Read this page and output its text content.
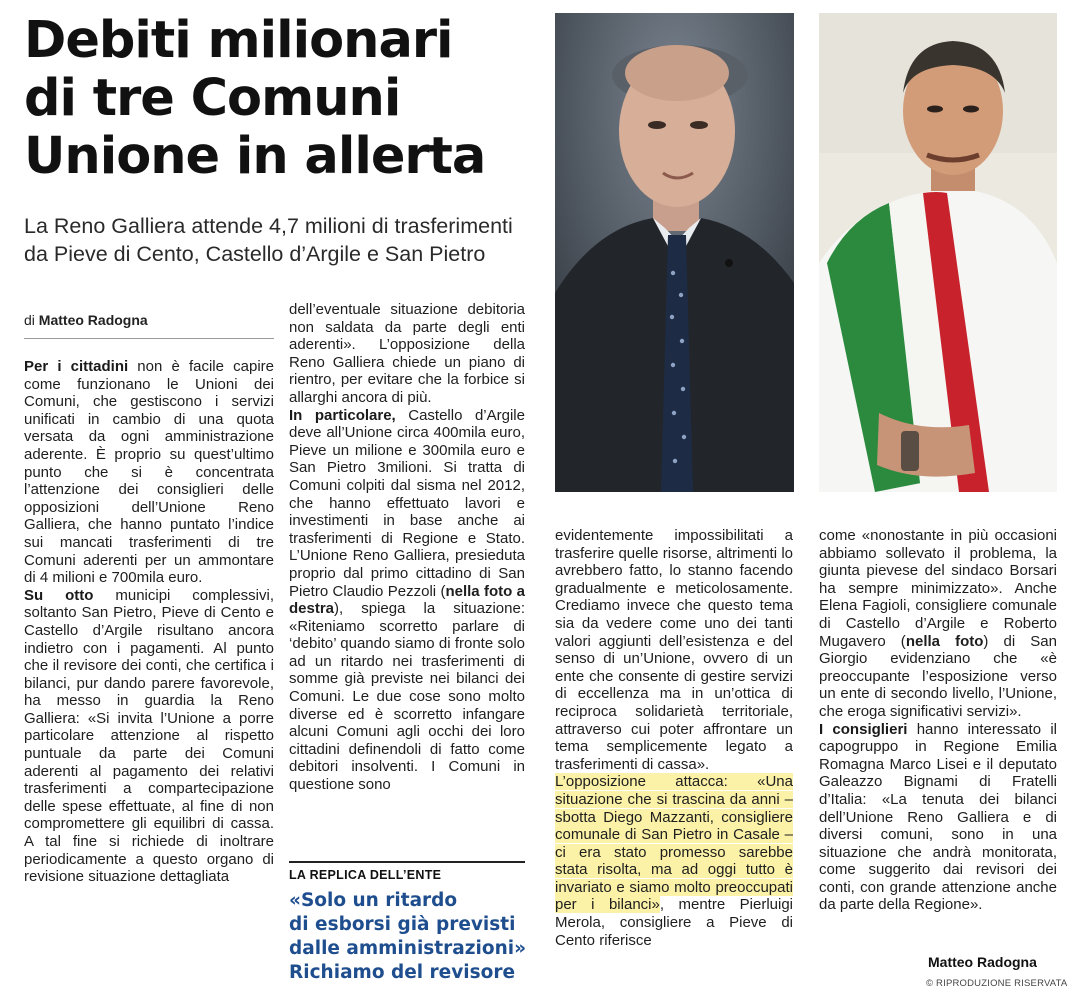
Debiti milionari
di tre Comuni
Unione in allerta
La Reno Galliera attende 4,7 milioni di trasferimenti
da Pieve di Cento, Castello d’Argile e San Pietro
di Matteo Radogna

Per i cittadini non è facile capire come funzionano le Unioni dei Comuni, che gestiscono i servizi unificati in cambio di una quota versata da ogni amministrazione aderente. È proprio su quest’ultimo punto che si è concentrata l’attenzione dei consiglieri delle opposizioni dell’Unione Reno Galliera, che hanno puntato l’indice sui mancati trasferimenti di tre Comuni aderenti per un ammontare di 4 milioni e 700mila euro.

Su otto municipi complessivi, soltanto San Pietro, Pieve di Cento e Castello d’Argile risultano ancora indietro con i pagamenti. Al punto che il revisore dei conti, che certifica i bilanci, pur dando parere favorevole, ha messo in guardia la Reno Galliera: «Si invita l’Unione a porre particolare attenzione al rispetto puntuale da parte dei Comuni aderenti al pagamento dei relativi trasferimenti a compartecipazione delle spese effettuate, al fine di non compromettere gli equilibri di cassa. A tal fine si richiede di inoltrare periodicamente a questo organo di revisione situazione dettagliata

dell’eventuale situazione debitoria non saldata da parte degli enti aderenti». L’opposizione della Reno Galliera chiede un piano di rientro, per evitare che la forbice si allarghi ancora di più.

In particolare, Castello d’Argile deve all’Unione circa 400mila euro, Pieve un milione e 300mila euro e San Pietro 3milioni. Si tratta di Comuni colpiti dal sisma nel 2012, che hanno effettuato lavori e investimenti in base anche ai trasferimenti di Regione e Stato. L’Unione Reno Galliera, presieduta proprio dal primo cittadino di San Pietro Claudio Pezzoli (nella foto a destra), spiega la situazione: «Riteniamo scorretto parlare di ‘debito’ quando siamo di fronte solo ad un ritardo nei trasferimenti di somme già previste nei bilanci dei Comuni. Le due cose sono molto diverse ed è scorretto infangare alcuni Comuni agli occhi dei loro cittadini definendoli di fatto come debitori insolventi. I Comuni in questione sono

LA REPLICA DELL’ENTE
«Solo un ritardo
di esborsi già previsti
dalle amministrazioni»
Richiamo del revisore

evidentemente impossibilitati a trasferire quelle risorse, altrimenti lo avrebbero fatto, lo stanno facendo gradualmente e meticolosamente. Crediamo invece che questo tema sia da vedere come uno dei tanti valori aggiunti dell’esistenza e del senso di un’Unione, ovvero di un ente che consente di gestire servizi di eccellenza ma in un’ottica di reciproca solidarietà territoriale, attraverso cui poter affrontare un tema semplicemente legato a trasferimenti di cassa».

L’opposizione attacca: «Una situazione che si trascina da anni – sbotta Diego Mazzanti, consigliere comunale di San Pietro in Casale – ci era stato promesso sarebbe stata risolta, ma ad oggi tutto è invariato e siamo molto preoccupati per i bilanci», mentre Pierluigi Merola, consigliere a Pieve di Cento riferisce

come «nonostante in più occasioni abbiamo sollevato il problema, la giunta pievese del sindaco Borsari ha sempre minimizzato». Anche Elena Fagioli, consigliere comunale di Castello d’Argile e Roberto Mugavero (nella foto) di San Giorgio evidenziano che «è preoccupante l’esposizione verso un ente di secondo livello, l’Unione, che eroga significativi servizi».

I consiglieri hanno interessato il capogruppo in Regione Emilia Romagna Marco Lisei e il deputato Galeazzo Bignami di Fratelli d’Italia: «La tenuta dei bilanci dell’Unione Reno Galliera e di diversi comuni, sono in una situazione che andrà monitorata, come suggerito dai revisori dei conti, con grande attenzione anche da parte della Regione».

Matteo Radogna
© RIPRODUZIONE RISERVATA
